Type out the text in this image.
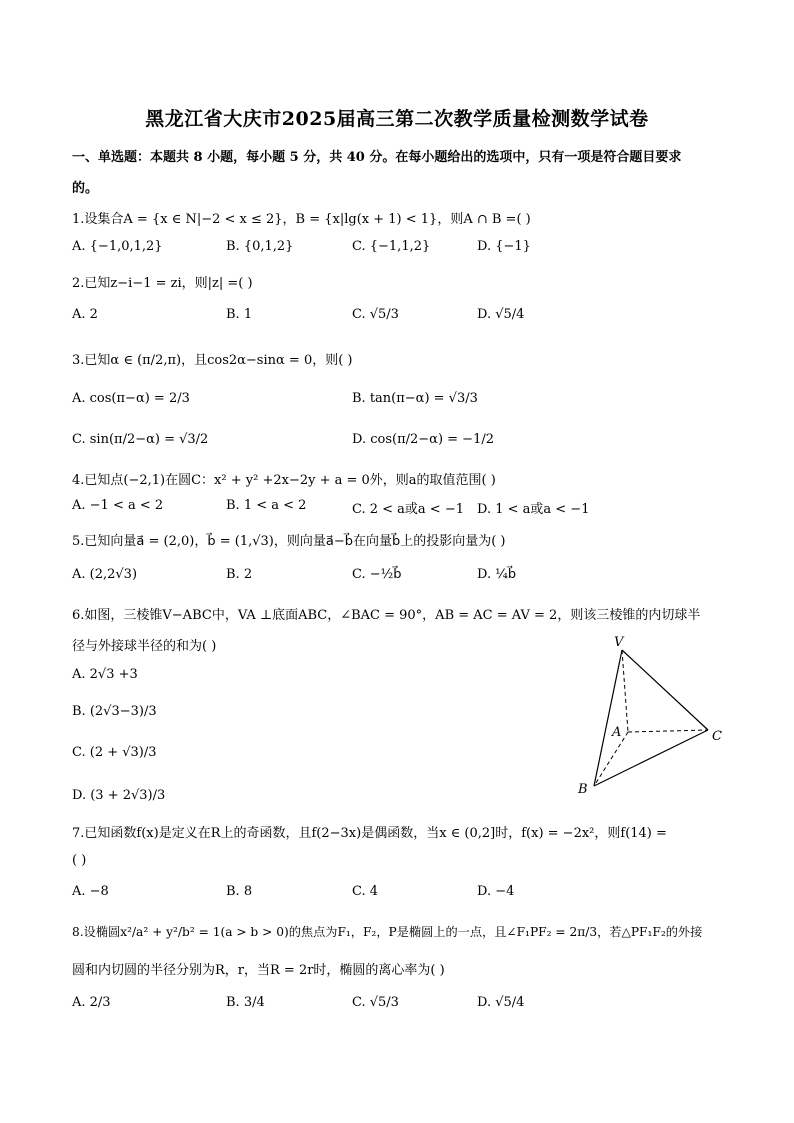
黑龙江省大庆市2025届高三第二次教学质量检测数学试卷
一、单选题：本题共 8 小题，每小题 5 分，共 40 分。在每小题给出的选项中，只有一项是符合题目要求
的。
1.设集合A = {x ∈ N|−2 < x ≤ 2}，B = {x|lg(x + 1) < 1}，则A ∩ B =( )
A. {−1,0,1,2}	B. {0,1,2}	C. {−1,1,2}	D. {−1}
2.已知z−i−1 = zi，则|z| =( )
A. 2	B. 1	C. √5/3	D. √5/4
3.已知α ∈ (π/2,π)，且cos2α−sinα = 0，则( )
A. cos(π−α) = 2/3	B. tan(π−α) = √3/3
C. sin(π/2−α) = √3/2	D. cos(π/2−α) = −1/2
4.已知点(−2,1)在圆C：x² + y² +2x−2y + a = 0外，则a的取值范围( )
A. −1 < a < 2	B. 1 < a < 2	C. 2 < a或a < −1 D. 1 < a或a < −1
5.已知向量a⃗ = (2,0)，b⃗ = (1,√3)，则向量a⃗−b⃗在向量b⃗上的投影向量为( )
A. (2,2√3)	B. 2	C. −½b⃗	D. ¼b⃗
6.如图，三棱锥V−ABC中，VA ⊥底面ABC，∠BAC = 90°，AB = AC = AV = 2，则该三棱锥的内切球半
径与外接球半径的和为( )
A. 2√3 +3
B. (2√3−3)/3
C. (2 + √3)/3
D. (3 + 2√3)/3
V
A
B
C
7.已知函数f(x)是定义在R上的奇函数，且f(2−3x)是偶函数，当x ∈ (0,2]时，f(x) = −2x²，则f(14) =
( )
A. −8	B. 8	C. 4	D. −4
8.设椭圆x²/a² + y²/b² = 1(a > b > 0)的焦点为F₁，F₂，P是椭圆上的一点，且∠F₁PF₂ = 2π/3，若△PF₁F₂的外接
圆和内切圆的半径分别为R，r，当R = 2r时，椭圆的离心率为( )
A. 2/3	B. 3/4	C. √5/3	D. √5/4
